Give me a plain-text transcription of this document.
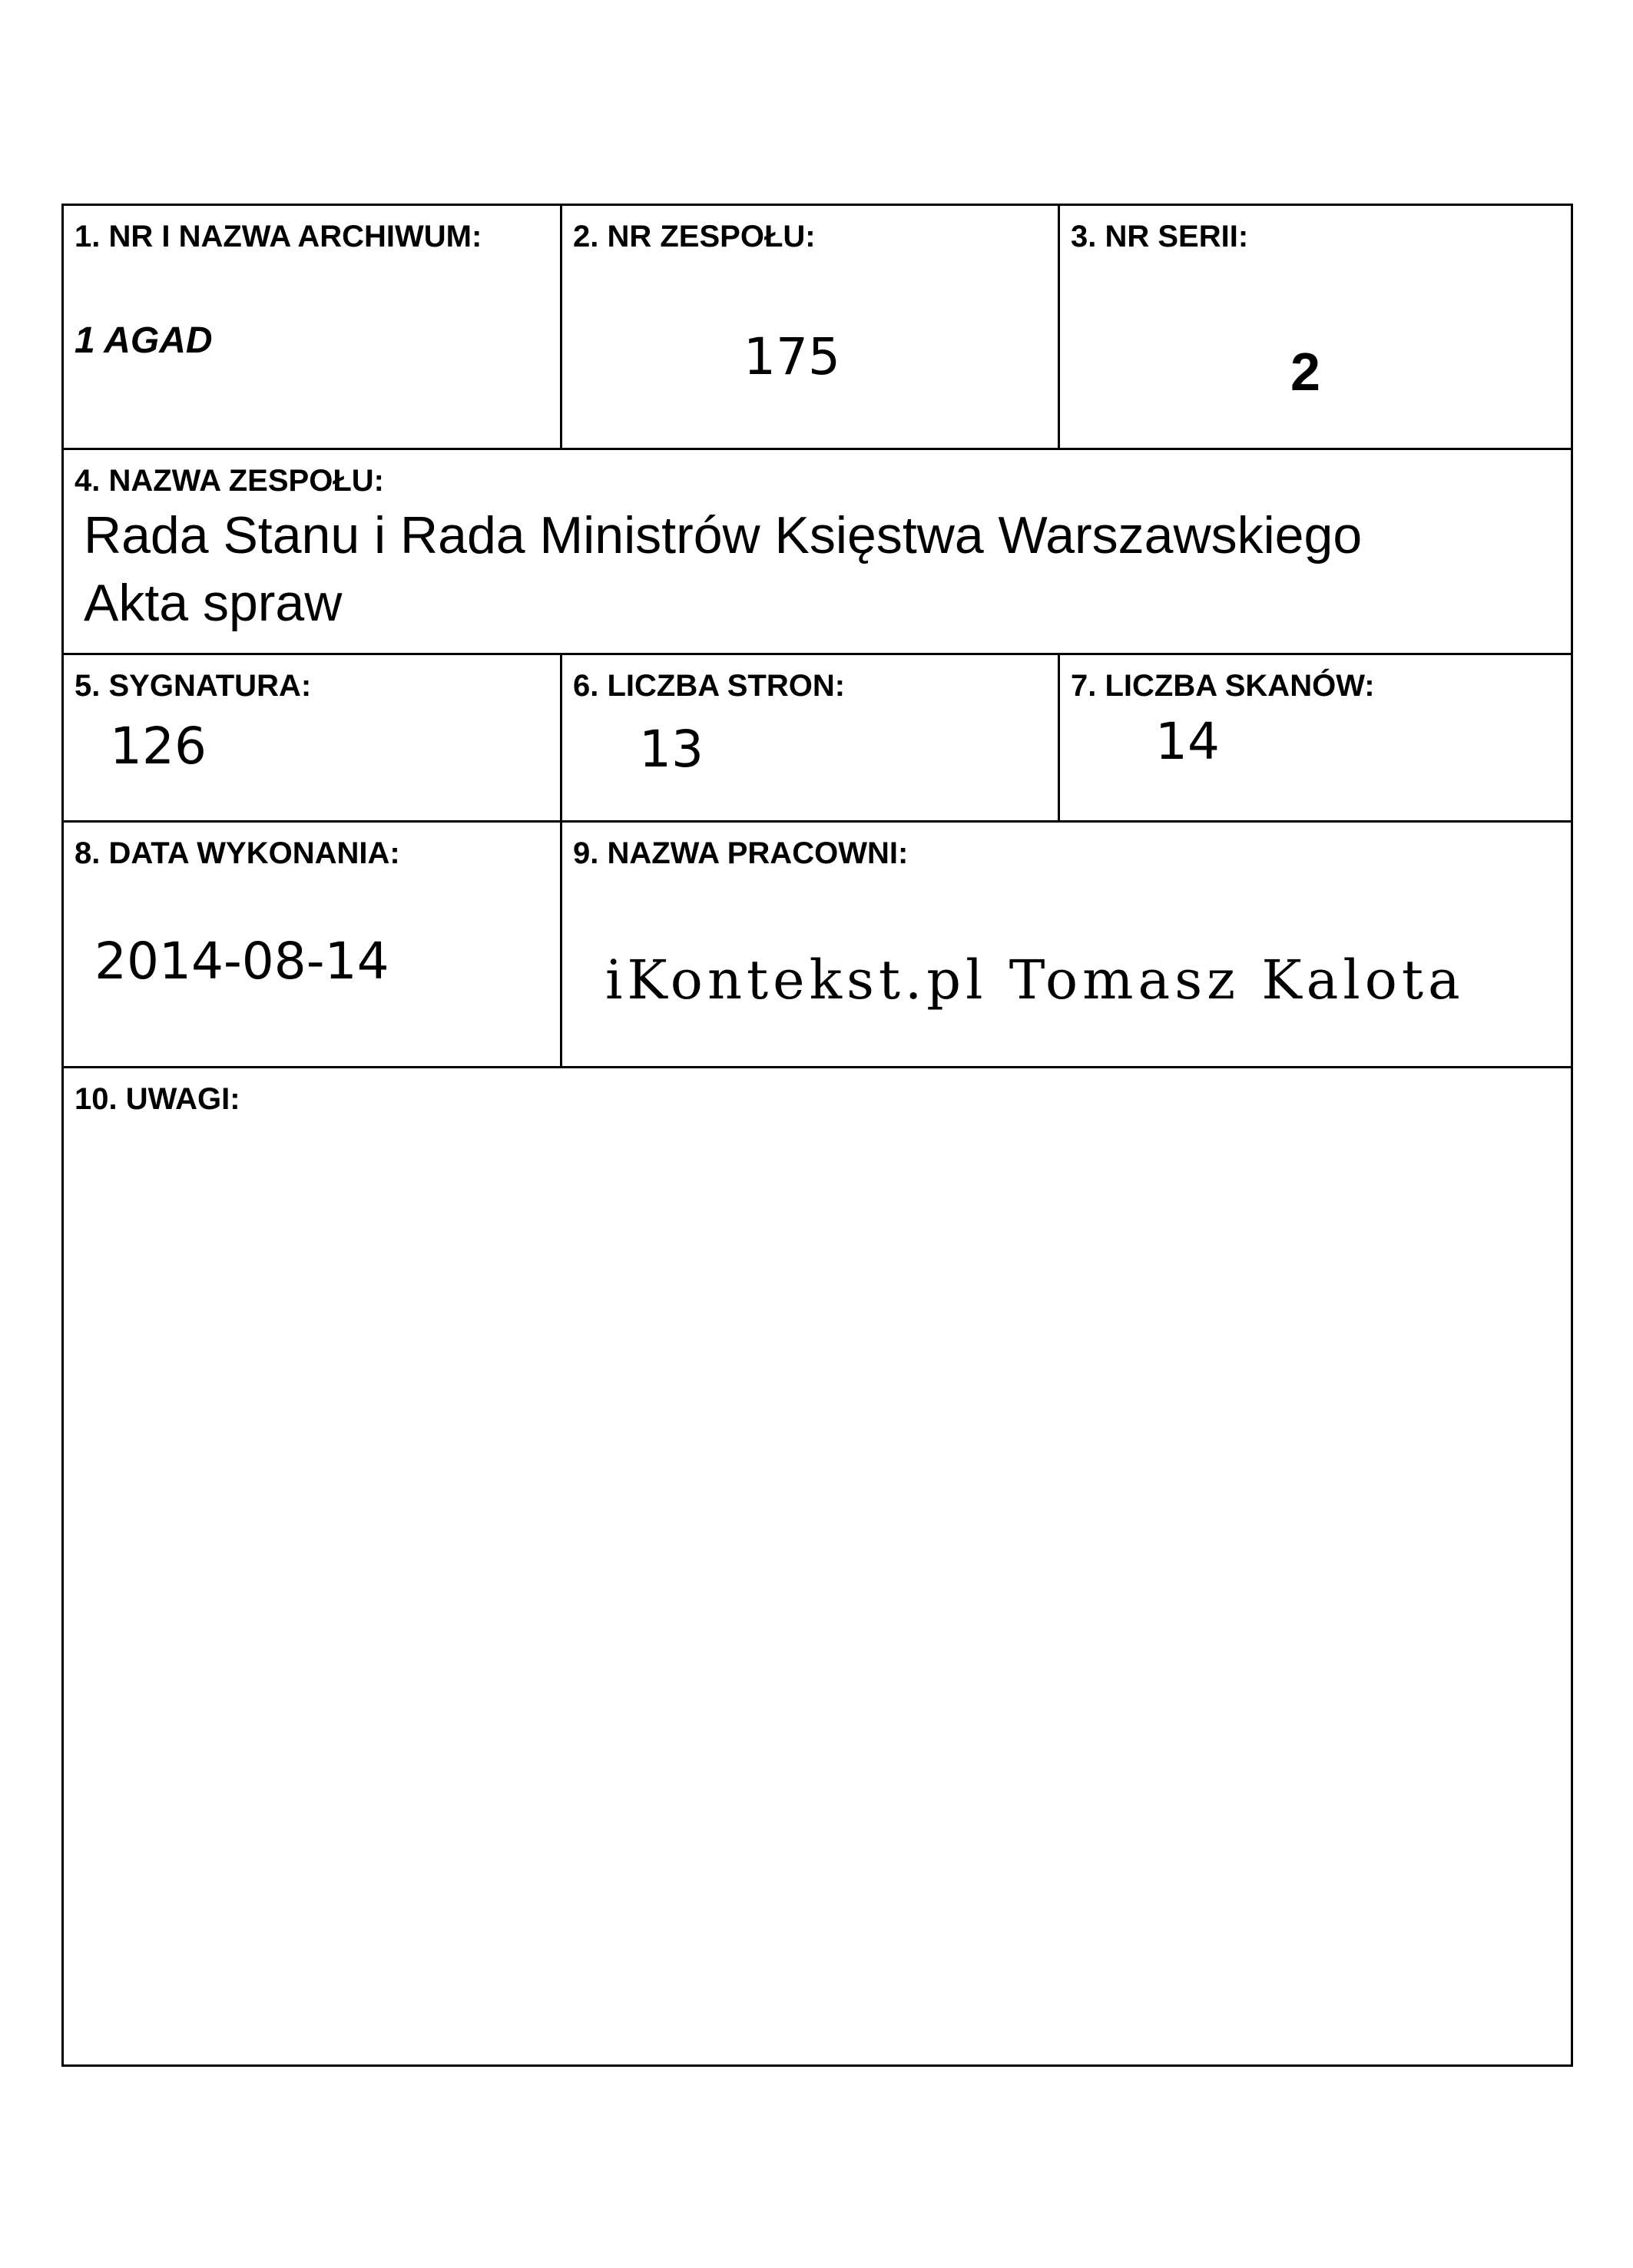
1. NR I NAZWA ARCHIWUM:
1 AGAD
2. NR ZESPOŁU:
175
3. NR SERII:
2
4. NAZWA ZESPOŁU:
Rada Stanu i Rada Ministrów Księstwa Warszawskiego
Akta spraw
5. SYGNATURA:
126
6. LICZBA STRON:
13
7. LICZBA SKANÓW:
14
8. DATA WYKONANIA:
2014-08-14
9. NAZWA PRACOWNI:
iKontekst.pl Tomasz Kalota
10. UWAGI:
